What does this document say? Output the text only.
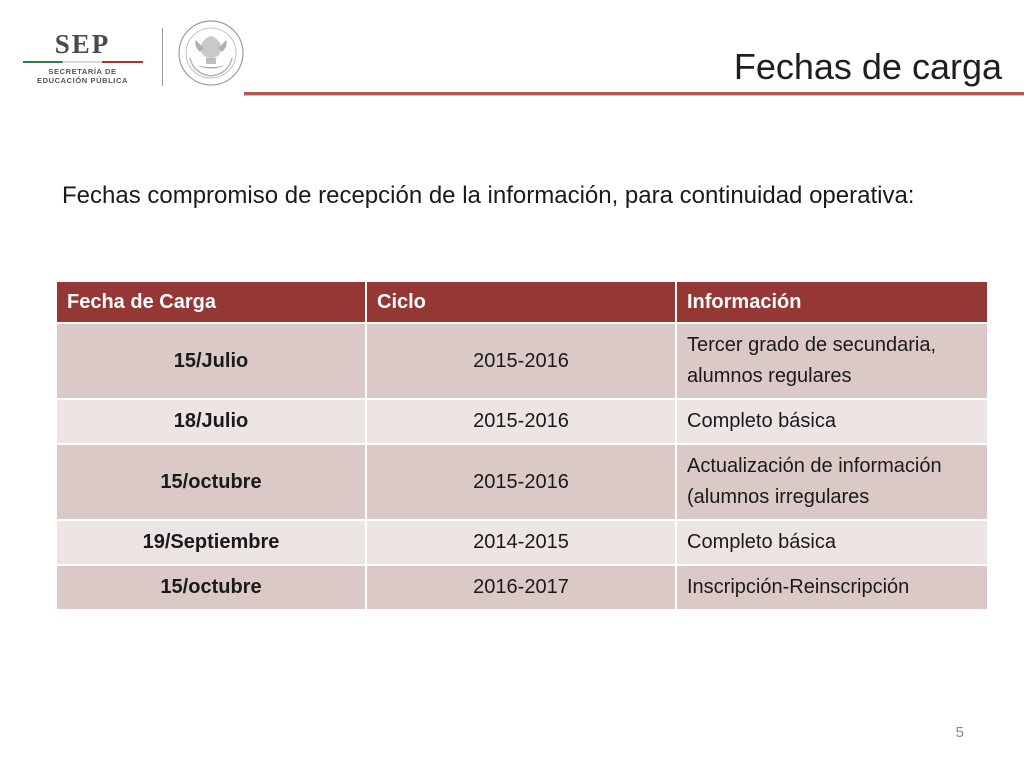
SEP
SECRETARÍA DE
EDUCACIÓN PÚBLICA	Fechas de carga
Fechas compromiso de recepción de la información, para continuidad operativa:
Fecha de Carga	Ciclo	Información
15/Julio	2015-2016	Tercer grado de secundaria, alumnos regulares
18/Julio	2015-2016	Completo básica
15/octubre	2015-2016	Actualización de información (alumnos irregulares
19/Septiembre	2014-2015	Completo básica
15/octubre	2016-2017	Inscripción-Reinscripción
5
